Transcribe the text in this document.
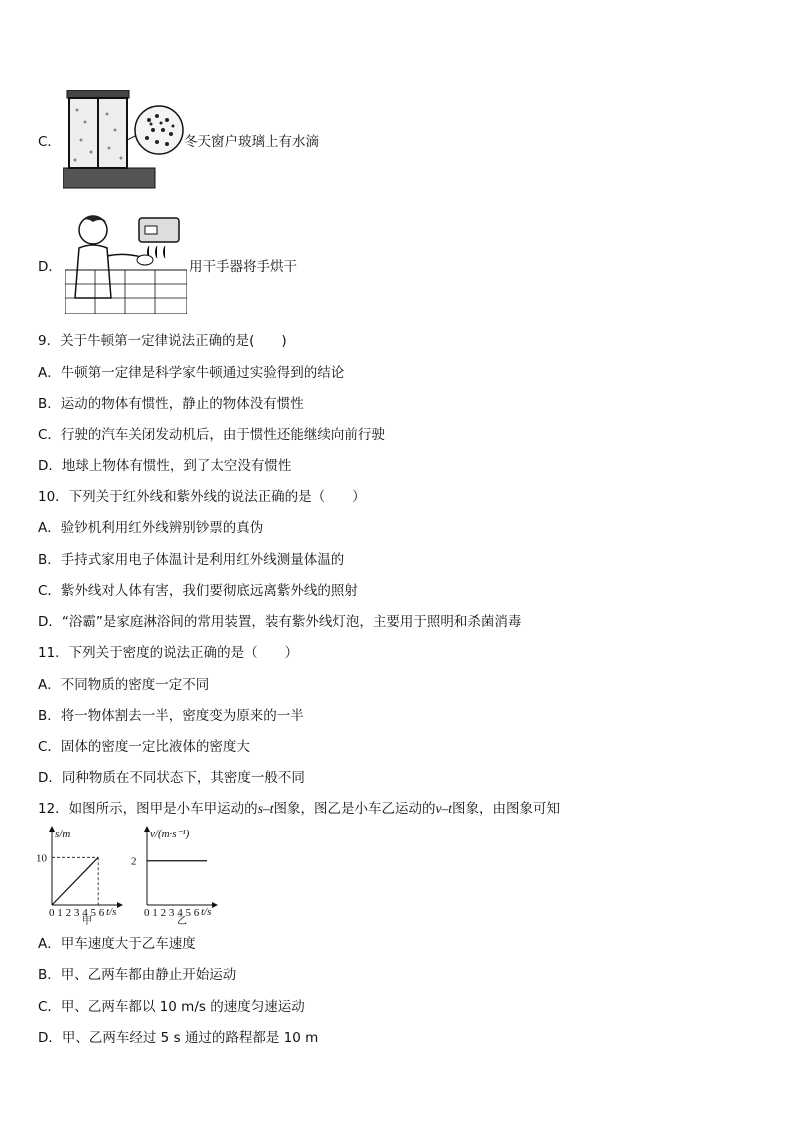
C．	冬天窗户玻璃上有水滴
D．	用干手器将手烘干
9．关于牛顿第一定律说法正确的是(　　)
A．牛顿第一定律是科学家牛顿通过实验得到的结论
B．运动的物体有惯性，静止的物体没有惯性
C．行驶的汽车关闭发动机后，由于惯性还能继续向前行驶
D．地球上物体有惯性，到了太空没有惯性
10．下列关于红外线和紫外线的说法正确的是（　　）
A．验钞机利用红外线辨别钞票的真伪
B．手持式家用电子体温计是利用红外线测量体温的
C．紫外线对人体有害，我们要彻底远离紫外线的照射
D．“浴霸”是家庭淋浴间的常用装置，装有紫外线灯泡，主要用于照明和杀菌消毒
11．下列关于密度的说法正确的是（　　）
A．不同物质的密度一定不同
B．将一物体割去一半，密度变为原来的一半
C．固体的密度一定比液体的密度大
D．同种物质在不同状态下，其密度一般不同
12．如图所示，图甲是小车甲运动的s–t图象，图乙是小车乙运动的v–t图象，由图象可知
s/m
t/s
0 1 2 3 4 5 6
10
甲
v/(m·s⁻¹)
t/s
0 1 2 3 4 5 6
2
乙
A．甲车速度大于乙车速度
B．甲、乙两车都由静止开始运动
C．甲、乙两车都以 10 m/s 的速度匀速运动
D．甲、乙两车经过 5 s 通过的路程都是 10 m
